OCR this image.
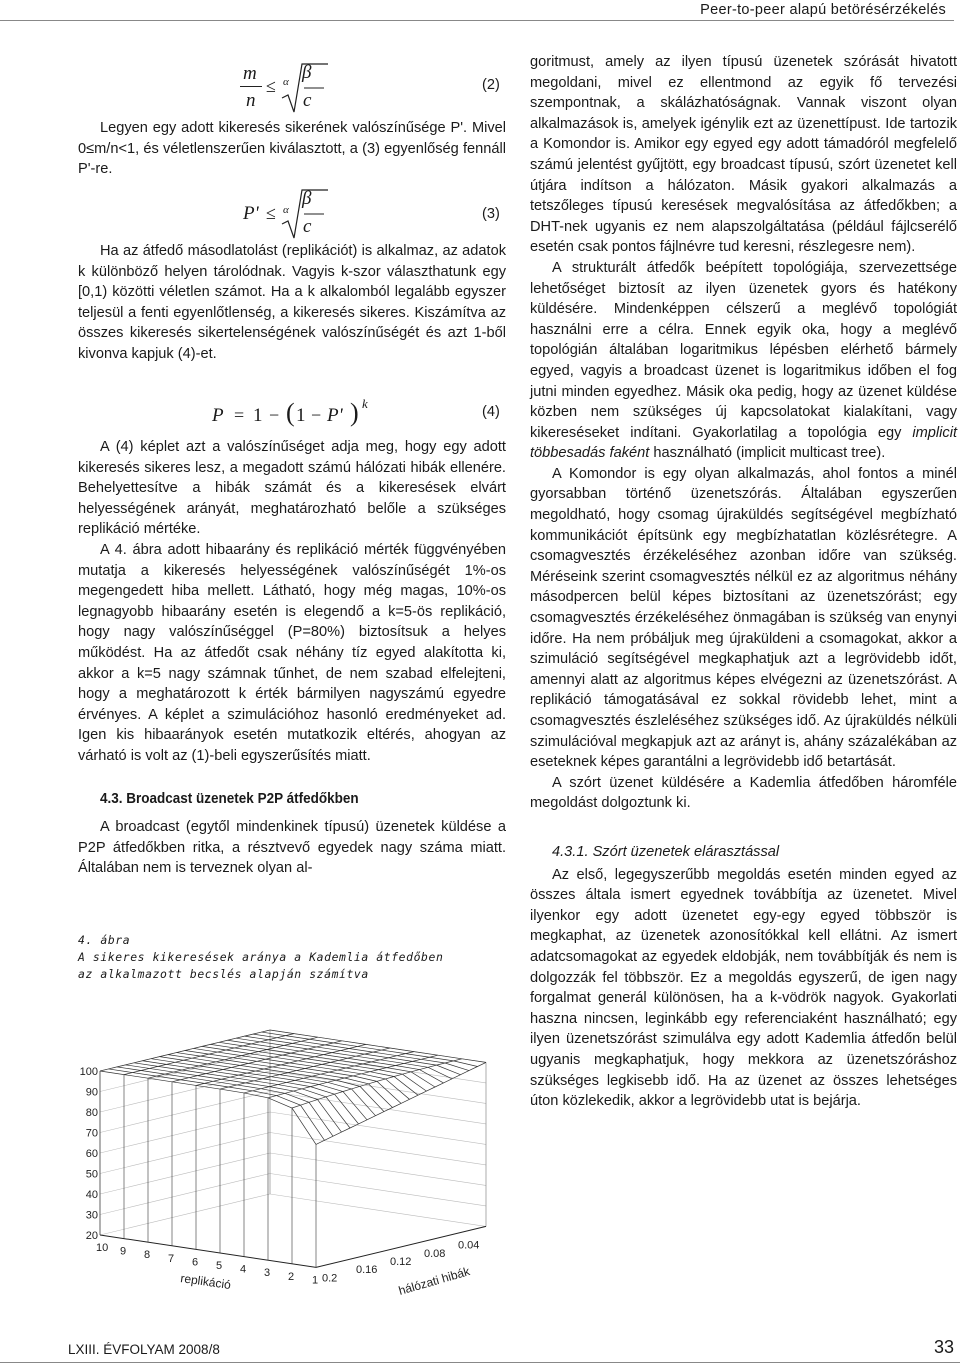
Peer-to-peer alapú betörésérzékelés
m
n
≤ α β
c
(2)
P' ≤ α
β
c
(3)
P = 1 − ( 1 − P' ) k
(4)

Legyen egy adott kikeresés sikerének valószínűsége P'. Mivel 0≤m/n<1, és véletlenszerűen kiválasztott, a (3) egyenlőség fennáll P'-re.

Ha az átfedő másodlatolást (replikációt) is alkalmaz, az adatok k különböző helyen tárolódnak. Vagyis k-szor választhatunk egy [0,1) közötti véletlen számot. Ha a k alkalomból legalább egyszer teljesül a fenti egyenlőtlenség, a kikeresés sikeres. Kiszámítva az összes kikeresés sikertelenségének valószínűségét és azt 1-ből kivonva kapjuk (4)-et.

A (4) képlet azt a valószínűséget adja meg, hogy egy adott kikeresés sikeres lesz, a megadott számú hálózati hibák ellenére. Behelyettesítve a hibák számát és a kikeresések elvárt helyességének arányát, meghatározható belőle a szükséges replikáció mértéke.

A 4. ábra adott hibaarány és replikáció mérték függvényében mutatja a kikeresés helyességének valószínűségét 1%-os megengedett hiba mellett. Látható, hogy még magas, 10%-os legnagyobb hibaarány esetén is elegendő a k=5-ös replikáció, hogy nagy valószínűséggel (P=80%) biztosítsuk a helyes működést. Ha az átfedőt csak néhány tíz egyed alakította ki, akkor a k=5 nagy számnak tűnhet, de nem szabad elfelejteni, hogy a meghatározott k érték bármilyen nagyszámú egyedre érvényes. A képlet a szimulációhoz hasonló eredményeket ad. Igen kis hibaarányok esetén mutatkozik eltérés, ahogyan az várható is volt az (1)-beli egyszerűsítés miatt.

4.3. Broadcast üzenetek P2P átfedőkben

A broadcast (egytől mindenkinek típusú) üzenetek küldése a P2P átfedőkben ritka, a résztvevő egyedek nagy száma miatt. Általában nem is terveznek olyan al-

4. ábra
A sikeres kikeresések aránya a Kademlia átfedőben
az alkalmazott becslés alapján számítva
20
30
40
50
60
70
80
90
100
10 9 8 7 6 5 4 3 2 1 0.2
0.16
0.12
0.08
0.04
replikáció	hálózati hibák

goritmust, amely az ilyen típusú üzenetek szórását hivatott megoldani, mivel ez ellentmond az egyik fő tervezési szempontnak, a skálázhatóságnak. Vannak viszont olyan alkalmazások is, amelyek igénylik ezt az üzenettípust. Ide tartozik a Komondor is. Amikor egy egyed egy adott támadóról megfelelő számú jelentést gyűjtött, egy broadcast típusú, szórt üzenetet kell útjára indítson a hálózaton. Másik gyakori alkalmazás a tetszőleges típusú keresések megvalósítása az átfedőkben; a DHT-nek ugyanis ez nem alapszolgáltatása (például fájlcserélő esetén csak pontos fájlnévre tud keresni, részlegesre nem).

A strukturált átfedők beépített topológiája, szervezettsége lehetőséget biztosít az ilyen üzenetek gyors és hatékony küldésére. Mindenképpen célszerű a meglévő topológiát használni erre a célra. Ennek egyik oka, hogy a meglévő topológián általában logaritmikus lépésben elérhető bármely egyed, vagyis a broadcast üzenet is logaritmikus időben el fog jutni minden egyedhez. Másik oka pedig, hogy az üzenet küldése közben nem szükséges új kapcsolatokat kialakítani, vagy kikereséseket indítani. Gyakorlatilag a topológia egy implicit többesadás faként használható (implicit multicast tree).

A Komondor is egy olyan alkalmazás, ahol fontos a minél gyorsabban történő üzenetszórás. Általában egyszerűen megoldható, hogy csomag újraküldés segítségével megbízható kommunikációt építsünk egy megbízhatatlan közlésrétegre. A csomagvesztés érzékeléséhez azonban időre van szükség. Méréseink szerint csomagvesztés nélkül ez az algoritmus néhány másodpercen belül képes biztosítani az üzenetszórást; egy csomagvesztés érzékeléséhez önmagában is szükség van enynyi időre. Ha nem próbáljuk meg újraküldeni a csomagokat, akkor a szimuláció segítségével megkaphatjuk azt a legrövidebb időt, amennyi alatt az algoritmus képes elvégezni az üzenetszórást. A replikáció támogatásával ez sokkal rövidebb lehet, mint a csomagvesztés észleléséhez szükséges idő. Az újraküldés nélküli szimulációval megkapjuk azt az arányt is, ahány százalékában az eseteknek képes garantálni a legrövidebb idő betartását.

A szórt üzenet küldésére a Kademlia átfedőben háromféle megoldást dolgoztunk ki.

4.3.1. Szórt üzenetek elárasztással

Az első, legegyszerűbb megoldás esetén minden egyed az összes általa ismert egyednek továbbítja az üzenetet. Mivel ilyenkor egy adott üzenetet egy-egy egyed többször is megkaphat, az üzenetek azonosítókkal kell ellátni. Az ismert adatcsomagokat az egyedek eldobják, nem továbbítják és nem is dolgozzák fel többször. Ez a megoldás egyszerű, de igen nagy forgalmat generál különösen, ha a k-vödrök nagyok. Gyakorlati haszna nincsen, leginkább egy referenciaként használható; egy ilyen üzenetszórást szimulálva egy adott Kademlia átfedőn belül ugyanis megkaphatjuk, hogy mekkora az üzenetszóráshoz szükséges legkisebb idő. Ha az üzenet az összes lehetséges úton közlekedik, akkor a legrövidebb utat is bejárja.

LXIII. ÉVFOLYAM 2008/8	33
